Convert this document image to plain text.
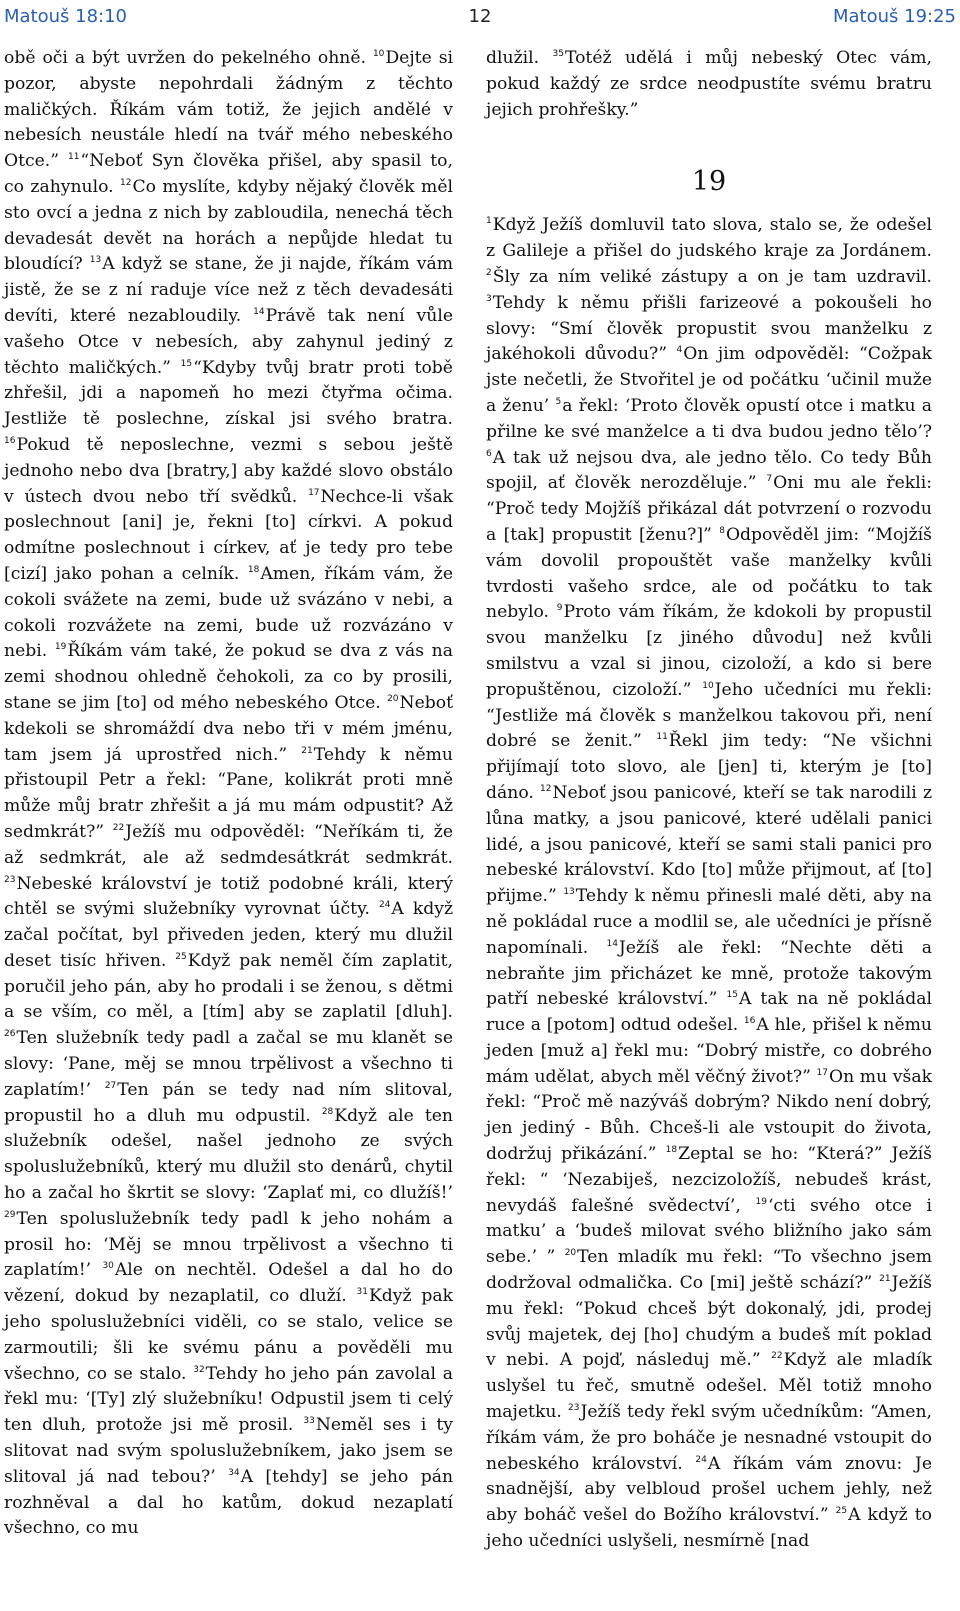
Matouš 18:10	12	Matouš 19:25

obě oči a být uvržen do pekelného ohně. $^{10}$Dejte si pozor, abyste nepohrdali žádným z těchto maličkých. Říkám vám totiž, že jejich andělé v nebesích neustále hledí na tvář mého nebeského Otce.” $^{11}$“Neboť Syn člověka přišel, aby spasil to, co zahynulo. $^{12}$Co myslíte, kdyby nějaký člověk měl sto ovcí a jedna z nich by zabloudila, nenechá těch devadesát devět na horách a nepůjde hledat tu bloudící? $^{13}$A když se stane, že ji najde, říkám vám jistě, že se z ní raduje více než z těch devadesáti devíti, které nezabloudily. $^{14}$Právě tak není vůle vašeho Otce v nebesích, aby zahynul jediný z těchto maličkých.” $^{15}$“Kdyby tvůj bratr proti tobě zhřešil, jdi a napomeň ho mezi čtyřma očima. Jestliže tě poslechne, získal jsi svého bratra. $^{16}$Pokud tě neposlechne, vezmi s sebou ještě jednoho nebo dva [bratry,] aby každé slovo obstálo v ústech dvou nebo tří svědků. $^{17}$Nechce-li však poslechnout [ani] je, řekni [to] církvi. A pokud odmítne poslechnout i církev, ať je tedy pro tebe [cizí] jako pohan a celník. $^{18}$Amen, říkám vám, že cokoli svážete na zemi, bude už svázáno v nebi, a cokoli rozvážete na zemi, bude už rozvázáno v nebi. $^{19}$Říkám vám také, že pokud se dva z vás na zemi shodnou ohledně čehokoli, za co by prosili, stane se jim [to] od mého nebeského Otce. $^{20}$Neboť kdekoli se shromáždí dva nebo tři v mém jménu, tam jsem já uprostřed nich.” $^{21}$Tehdy k němu přistoupil Petr a řekl: “Pane, kolikrát proti mně může můj bratr zhřešit a já mu mám odpustit? Až sedmkrát?” $^{22}$Ježíš mu odpověděl: “Neříkám ti, že až sedmkrát, ale až sedmdesátkrát sedmkrát. $^{23}$Nebeské království je totiž podobné králi, který chtěl se svými služebníky vyrovnat účty. $^{24}$A když začal počítat, byl přiveden jeden, který mu dlužil deset tisíc hřiven. $^{25}$Když pak neměl čím zaplatit, poručil jeho pán, aby ho prodali i se ženou, s dětmi a se vším, co měl, a [tím] aby se zaplatil [dluh]. $^{26}$Ten služebník tedy padl a začal se mu klanět se slovy: ‘Pane, měj se mnou trpělivost a všechno ti zaplatím!’ $^{27}$Ten pán se tedy nad ním slitoval, propustil ho a dluh mu odpustil. $^{28}$Když ale ten služebník odešel, našel jednoho ze svých spoluslužebníků, který mu dlužil sto denárů, chytil ho a začal ho škrtit se slovy: ‘Zaplať mi, co dlužíš!’ $^{29}$Ten spoluslužebník tedy padl k jeho nohám a prosil ho: ‘Měj se mnou trpělivost a všechno ti zaplatím!’ $^{30}$Ale on nechtěl. Odešel a dal ho do vězení, dokud by nezaplatil, co dluží. $^{31}$Když pak jeho spoluslužebníci viděli, co se stalo, velice se zarmoutili; šli ke svému pánu a pověděli mu všechno, co se stalo. $^{32}$Tehdy ho jeho pán zavolal a řekl mu: ‘[Ty] zlý služebníku! Odpustil jsem ti celý ten dluh, protože jsi mě prosil. $^{33}$Neměl ses i ty slitovat nad svým spoluslužebníkem, jako jsem se slitoval já nad tebou?’ $^{34}$A [tehdy] se jeho pán rozhněval a dal ho katům, dokud nezaplatí všechno, co mu

dlužil. $^{35}$Totéž udělá i můj nebeský Otec vám, pokud každý ze srdce neodpustíte svému bratru jejich prohřešky.”

19

$^1$Když Ježíš domluvil tato slova, stalo se, že odešel z Galileje a přišel do judského kraje za Jordánem. $^2$Šly za ním veliké zástupy a on je tam uzdravil. $^3$Tehdy k němu přišli farizeové a pokoušeli ho slovy: “Smí člověk propustit svou manželku z jakéhokoli důvodu?” $^4$On jim odpověděl: “Cožpak jste nečetli, že Stvořitel je od počátku ‘učinil muže a ženu’ $^5$a řekl: ‘Proto člověk opustí otce i matku a přilne ke své manželce a ti dva budou jedno tělo’? $^6$A tak už nejsou dva, ale jedno tělo. Co tedy Bůh spojil, ať člověk nerozděluje.” $^7$Oni mu ale řekli: “Proč tedy Mojžíš přikázal dát potvrzení o rozvodu a [tak] propustit [ženu?]” $^8$Odpověděl jim: “Mojžíš vám dovolil propouštět vaše manželky kvůli tvrdosti vašeho srdce, ale od počátku to tak nebylo. $^9$Proto vám říkám, že kdokoli by propustil svou manželku [z jiného důvodu] než kvůli smilstvu a vzal si jinou, cizoloží, a kdo si bere propuštěnou, cizoloží.” $^{10}$Jeho učedníci mu řekli: “Jestliže má člověk s manželkou takovou při, není dobré se ženit.” $^{11}$Řekl jim tedy: “Ne všichni přijímají toto slovo, ale [jen] ti, kterým je [to] dáno. $^{12}$Neboť jsou panicové, kteří se tak narodili z lůna matky, a jsou panicové, které udělali panici lidé, a jsou panicové, kteří se sami stali panici pro nebeské království. Kdo [to] může přijmout, ať [to] přijme.” $^{13}$Tehdy k němu přinesli malé děti, aby na ně pokládal ruce a modlil se, ale učedníci je přísně napomínali. $^{14}$Ježíš ale řekl: “Nechte děti a nebraňte jim přicházet ke mně, protože takovým patří nebeské království.” $^{15}$A tak na ně pokládal ruce a [potom] odtud odešel. $^{16}$A hle, přišel k němu jeden [muž a] řekl mu: “Dobrý mistře, co dobrého mám udělat, abych měl věčný život?” $^{17}$On mu však řekl: “Proč mě nazýváš dobrým? Nikdo není dobrý, jen jediný - Bůh. Chceš-li ale vstoupit do života, dodržuj přikázání.” $^{18}$Zeptal se ho: “Která?” Ježíš řekl: “ ‘Nezabiješ, nezcizoložíš, nebudeš krást, nevydáš falešné svědectví’, $^{19}$‘cti svého otce i matku’ a ‘budeš milovat svého bližního jako sám sebe.’ ” $^{20}$Ten mladík mu řekl: “To všechno jsem dodržoval odmalička. Co [mi] ještě schází?” $^{21}$Ježíš mu řekl: “Pokud chceš být dokonalý, jdi, prodej svůj majetek, dej [ho] chudým a budeš mít poklad v nebi. A pojď, následuj mě.” $^{22}$Když ale mladík uslyšel tu řeč, smutně odešel. Měl totiž mnoho majetku. $^{23}$Ježíš tedy řekl svým učedníkům: “Amen, říkám vám, že pro boháče je nesnadné vstoupit do nebeského království. $^{24}$A říkám vám znovu: Je snadnější, aby velbloud prošel uchem jehly, než aby boháč vešel do Božího království.” $^{25}$A když to jeho učedníci uslyšeli, nesmírně [nad
